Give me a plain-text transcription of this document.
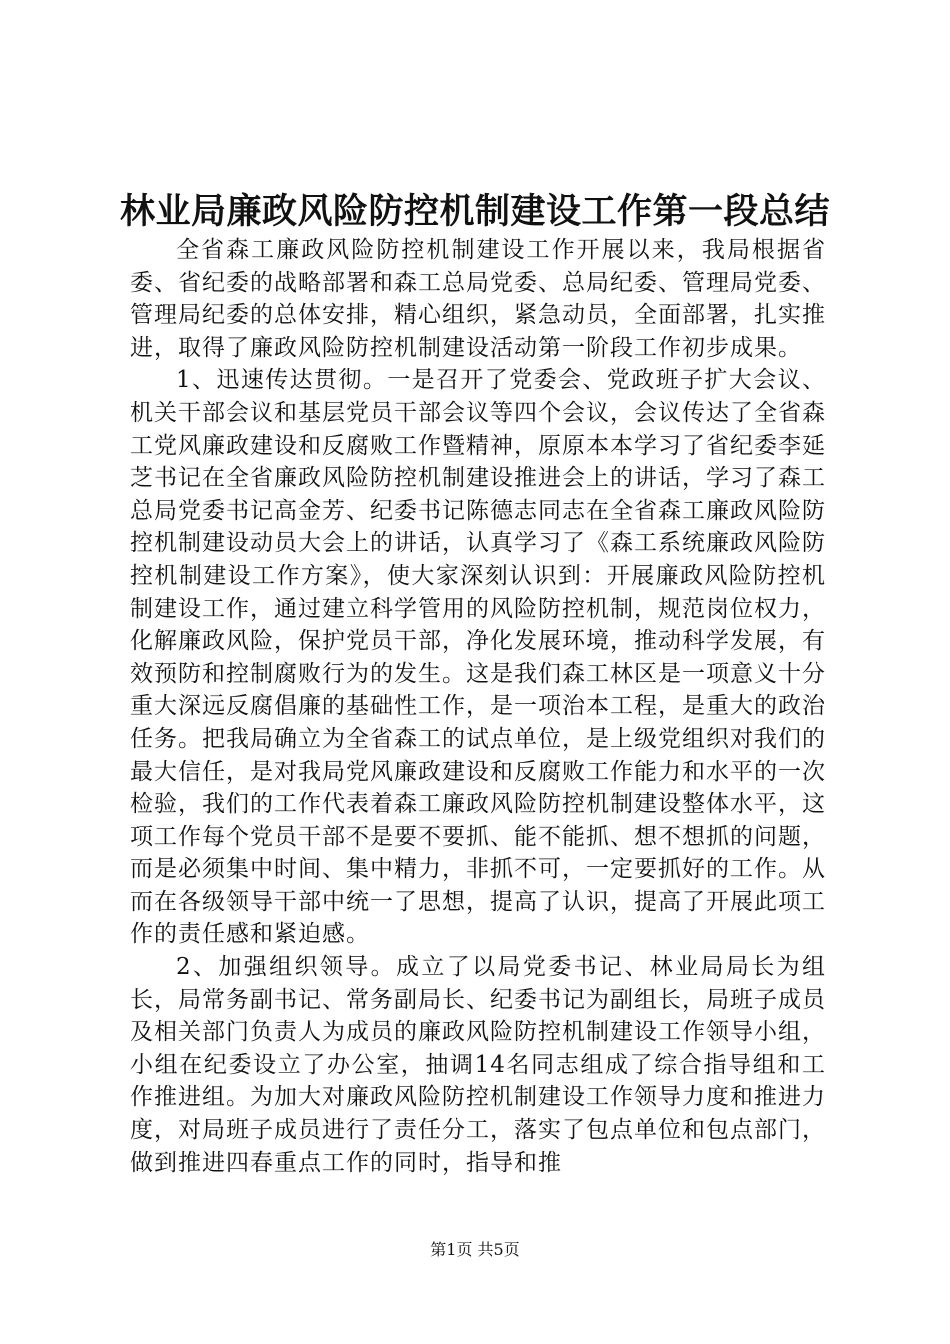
林业局廉政风险防控机制建设工作第一段总结

全省森工廉政风险防控机制建设工作开展以来，我局根据省委、省纪委的战略部署和森工总局党委、总局纪委、管理局党委、管理局纪委的总体安排，精心组织，紧急动员，全面部署，扎实推进，取得了廉政风险防控机制建设活动第一阶段工作初步成果。

1、迅速传达贯彻。一是召开了党委会、党政班子扩大会议、机关干部会议和基层党员干部会议等四个会议，会议传达了全省森工党风廉政建设和反腐败工作暨精神，原原本本学习了省纪委李延芝书记在全省廉政风险防控机制建设推进会上的讲话，学习了森工总局党委书记高金芳、纪委书记陈德志同志在全省森工廉政风险防控机制建设动员大会上的讲话，认真学习了《森工系统廉政风险防控机制建设工作方案》，使大家深刻认识到：开展廉政风险防控机制建设工作，通过建立科学管用的风险防控机制，规范岗位权力，化解廉政风险，保护党员干部，净化发展环境，推动科学发展，有效预防和控制腐败行为的发生。这是我们森工林区是一项意义十分重大深远反腐倡廉的基础性工作，是一项治本工程，是重大的政治任务。把我局确立为全省森工的试点单位，是上级党组织对我们的最大信任，是对我局党风廉政建设和反腐败工作能力和水平的一次检验，我们的工作代表着森工廉政风险防控机制建设整体水平，这项工作每个党员干部不是要不要抓、能不能抓、想不想抓的问题，而是必须集中时间、集中精力，非抓不可，一定要抓好的工作。从而在各级领导干部中统一了思想，提高了认识，提高了开展此项工作的责任感和紧迫感。

2、加强组织领导。成立了以局党委书记、林业局局长为组长，局常务副书记、常务副局长、纪委书记为副组长，局班子成员及相关部门负责人为成员的廉政风险防控机制建设工作领导小组，小组在纪委设立了办公室，抽调14名同志组成了综合指导组和工作推进组。为加大对廉政风险防控机制建设工作领导力度和推进力度，对局班子成员进行了责任分工，落实了包点单位和包点部门，做到推进四春重点工作的同时，指导和推

第1页 共5页
